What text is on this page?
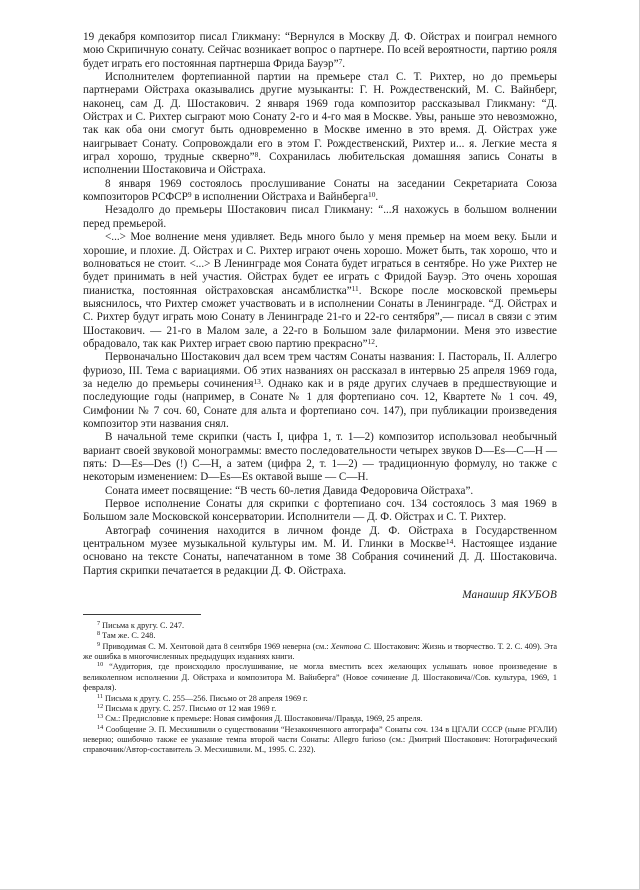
19 декабря композитор писал Гликману: “Вернулся в Москву Д. Ф. Ойстрах и поиграл немного мою Скрипичную сонату. Сейчас возникает вопрос о партнере. По всей вероятности, партию рояля будет играть его постоянная партнерша Фрида Бауэр”$^7$.

Исполнителем фортепианной партии на премьере стал С. Т. Рихтер, но до премьеры партнерами Ойстраха оказывались другие музыканты: Г. Н. Рождественский, М. С. Вайнберг, наконец, сам Д. Д. Шостакович. 2 января 1969 года композитор рассказывал Гликману: “Д. Ойстрах и С. Рихтер сыграют мою Сонату 2-го и 4-го мая в Москве. Увы, раньше это невозможно, так как оба они смогут быть одновременно в Москве именно в это время. Д. Ойстрах уже наигрывает Сонату. Сопровождали его в этом Г. Рождественский, Рихтер и... я. Легкие места я играл хорошо, трудные скверно”$^8$. Сохранилась любительская домашняя запись Сонаты в исполнении Шостаковича и Ойстраха.

8 января 1969 состоялось прослушивание Сонаты на заседании Секретариата Союза композиторов РСФСР$^9$ в исполнении Ойстраха и Вайнберга$^{10}$.

Незадолго до премьеры Шостакович писал Гликману: “...Я нахожусь в большом волнении перед премьерой.

<...> Мое волнение меня удивляет. Ведь много было у меня премьер на моем веку. Были и хорошие, и плохие. Д. Ойстрах и С. Рихтер играют очень хорошо. Может быть, так хорошо, что и волноваться не стоит. <...> В Ленинграде моя Соната будет играться в сентябре. Но уже Рихтер не будет принимать в ней участия. Ойстрах будет ее играть с Фридой Бауэр. Это очень хорошая пианистка, постоянная ойстраховская ансамблистка”$^{11}$. Вскоре после московской премьеры выяснилось, что Рихтер сможет участвовать и в исполнении Сонаты в Ленинграде. “Д. Ойстрах и С. Рихтер будут играть мою Сонату в Ленинграде 21-го и 22-го сентября”,— писал в связи с этим Шостакович. — 21-го в Малом зале, а 22-го в Большом зале филармонии. Меня это известие обрадовало, так как Рихтер играет свою партию прекрасно”$^{12}$.

Первоначально Шостакович дал всем трем частям Сонаты названия: I. Пастораль, II. Аллегро фуриозо, III. Тема с вариациями. Об этих названиях он рассказал в интервью 25 апреля 1969 года, за неделю до премьеры сочинения$^{13}$. Однако как и в ряде других случаев в предшествующие и последующие годы (например, в Сонате № 1 для фортепиано соч. 12, Квартете № 1 соч. 49, Симфонии № 7 соч. 60, Сонате для альта и фортепиано соч. 147), при публикации произведения композитор эти названия снял.

В начальной теме скрипки (часть I, цифра 1, т. 1—2) композитор использовал необычный вариант своей звуковой монограммы: вместо последовательности четырех звуков D—Es—C—H — пять: D—Es—Des (!) C—H, а затем (цифра 2, т. 1—2) — традиционную формулу, но также с некоторым изменением: D—Es—Es октавой выше — C—H.

Соната имеет посвящение: “В честь 60-летия Давида Федоровича Ойстраха”.

Первое исполнение Сонаты для скрипки с фортепиано соч. 134 состоялось 3 мая 1969 в Большом зале Московской консерватории. Исполнители — Д. Ф. Ойстрах и С. Т. Рихтер.

Автограф сочинения находится в личном фонде Д. Ф. Ойстраха в Государственном центральном музее музыкальной культуры им. М. И. Глинки в Москве$^{14}$. Настоящее издание основано на тексте Сонаты, напечатанном в томе 38 Собрания сочинений Д. Д. Шостаковича. Партия скрипки печатается в редакции Д. Ф. Ойстраха.

Манашир ЯКУБОВ

$^7$ Письма к другу. С. 247.

$^8$ Там же. С. 248.

$^9$ Приводимая С. М. Хентовой дата 8 сентября 1969 неверна (см.: Хентова С. Шостакович: Жизнь и творчество. Т. 2. С. 409). Эта же ошибка в многочисленных предыдущих изданиях книги.

$^{10}$ “Аудитория, где происходило прослушивание, не могла вместить всех желающих услышать новое произведение в великолепном исполнении Д. Ойстраха и композитора М. Вайнберга” (Новое сочинение Д. Шостаковича//Сов. культура, 1969, 1 февраля).

$^{11}$ Письма к другу. С. 255—256. Письмо от 28 апреля 1969 г.

$^{12}$ Письма к другу. С. 257. Письмо от 12 мая 1969 г.

$^{13}$ См.: Предисловие к премьере: Новая симфония Д. Шостаковича//Правда, 1969, 25 апреля.

$^{14}$ Сообщение Э. П. Месхишвили о существовании “Незаконченного автографа” Сонаты соч. 134 в ЦГАЛИ СССР (ныне РГАЛИ) неверно; ошибочно также ее указание темпа второй части Сонаты: Allegro furioso (см.: Дмитрий Шостакович: Нотографический справочник/Автор-составитель Э. Месхишвили. М., 1995. С. 232).
